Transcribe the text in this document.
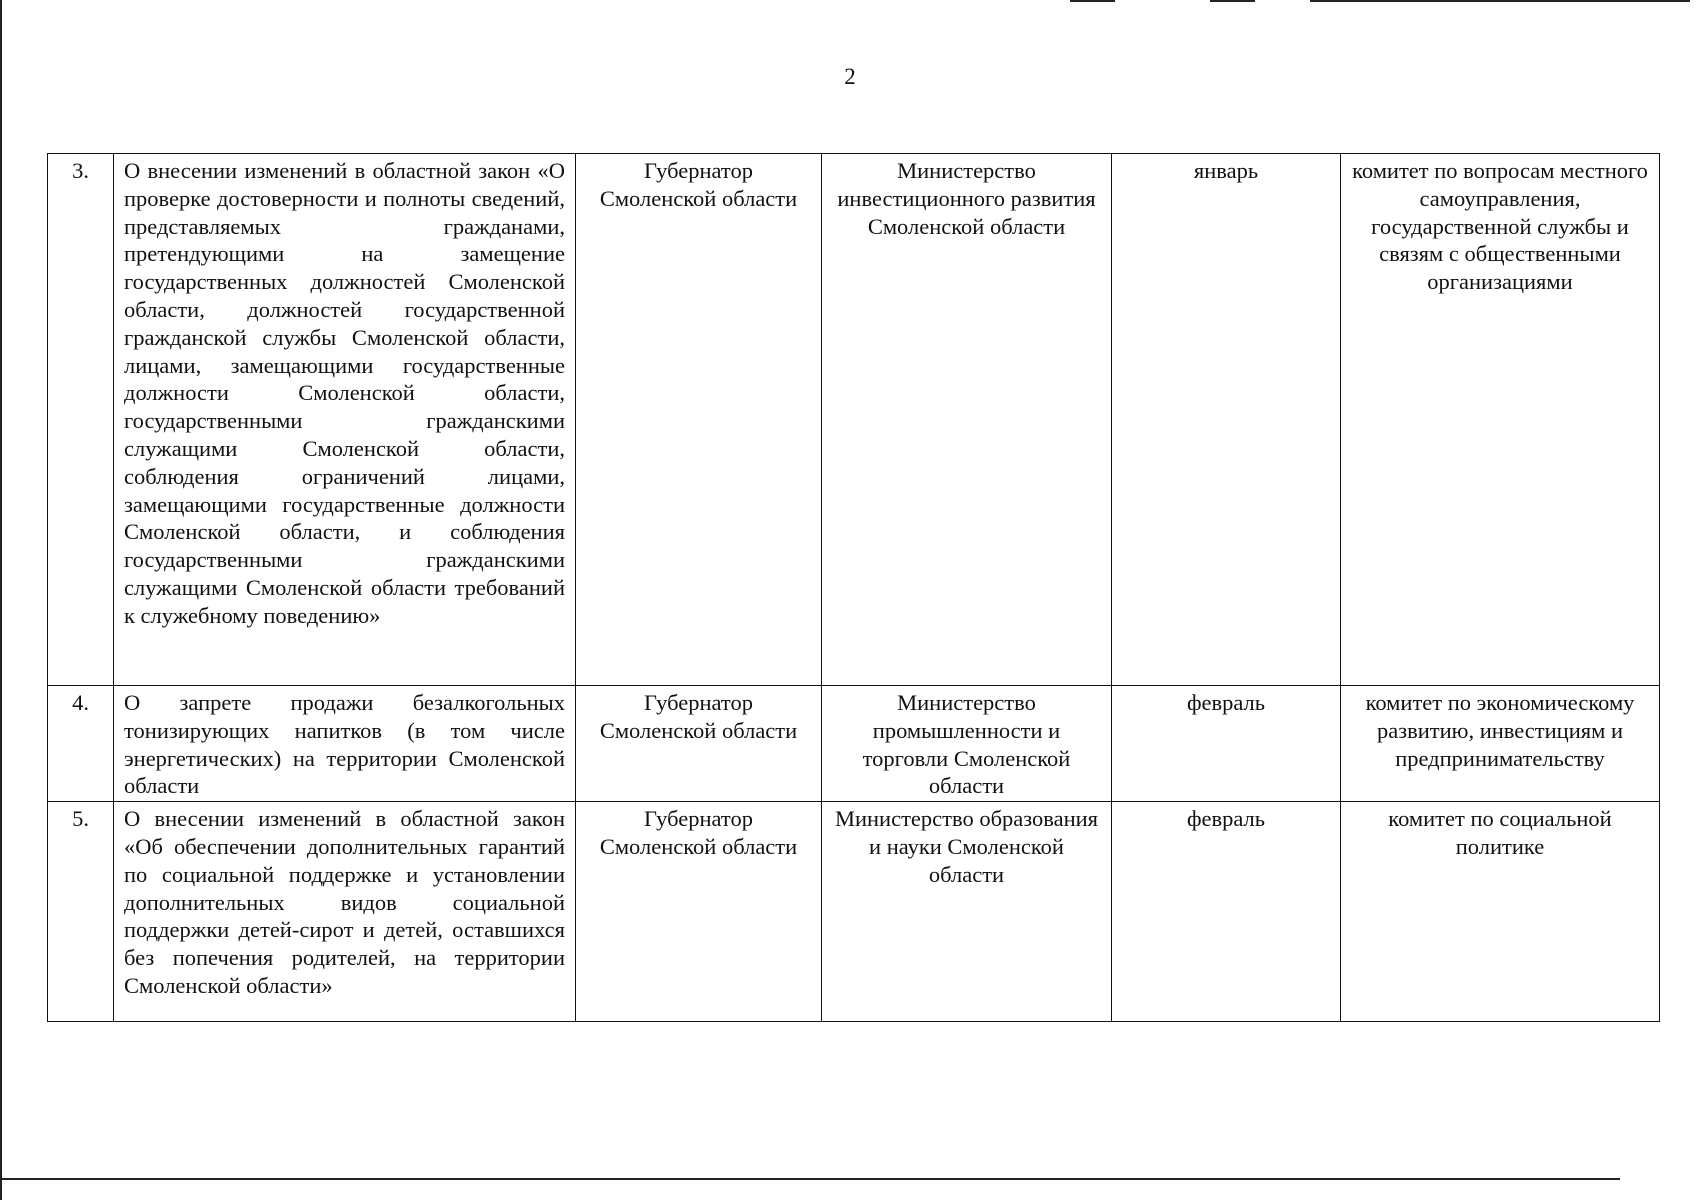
2
3.	О внесении изменений в областной закон «О проверке достоверности и полноты сведений, представляемых гражданами, претендующими на замещение государственных должностей Смоленской области, должностей государственной гражданской службы Смоленской области, лицами, замещающими государственные должности Смоленской области, государственными гражданскими служащими Смоленской области, соблюдения ограничений лицами, замещающими государственные должности Смоленской области, и соблюдения государственными гражданскими служащими Смоленской области требований к служебному поведению»	Губернатор Смоленской области	Министерство инвестиционного развития Смоленской области	январь	комитет по вопросам местного самоуправления, государственной службы и связям с общественными организациями
4.	О запрете продажи безалкогольных тонизирующих напитков (в том числе энергетических) на территории Смоленской области	Губернатор Смоленской области	Министерство промышленности и торговли Смоленской области	февраль	комитет по экономическому развитию, инвестициям и предпринимательству
5.	О внесении изменений в областной закон «Об обеспечении дополнительных гарантий по социальной поддержке и установлении дополнительных видов социальной поддержки детей-сирот и детей, оставшихся без попечения родителей, на территории Смоленской области»	Губернатор Смоленской области	Министерство образования и науки Смоленской области	февраль	комитет по социальной политике
